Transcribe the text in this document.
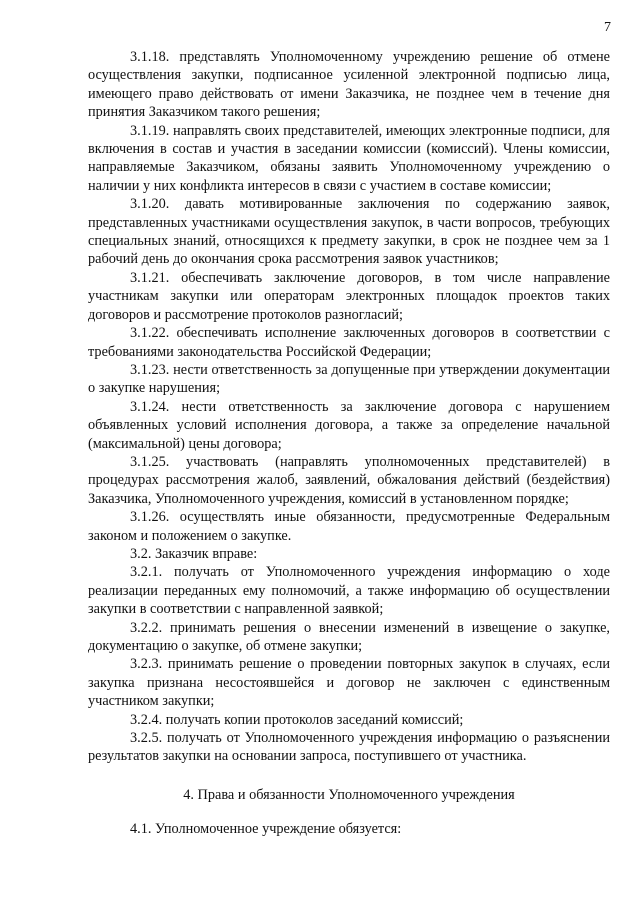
7

3.1.18. представлять Уполномоченному учреждению решение об отмене осуществления закупки, подписанное усиленной электронной подписью лица, имеющего право действовать от имени Заказчика, не позднее чем в течение дня принятия Заказчиком такого решения;

3.1.19. направлять своих представителей, имеющих электронные подписи, для включения в состав и участия в заседании комиссии (комиссий). Члены комиссии, направляемые Заказчиком, обязаны заявить Уполномоченному учреждению о наличии у них конфликта интересов в связи с участием в составе комиссии;

3.1.20. давать мотивированные заключения по содержанию заявок, представленных участниками осуществления закупок, в части вопросов, требующих специальных знаний, относящихся к предмету закупки, в срок не позднее чем за 1 рабочий день до окончания срока рассмотрения заявок участников;

3.1.21. обеспечивать заключение договоров, в том числе направление участникам закупки или операторам электронных площадок проектов таких договоров и рассмотрение протоколов разногласий;

3.1.22. обеспечивать исполнение заключенных договоров в соответствии с требованиями законодательства Российской Федерации;

3.1.23. нести ответственность за допущенные при утверждении документации о закупке нарушения;

3.1.24. нести ответственность за заключение договора с нарушением объявленных условий исполнения договора, а также за определение начальной (максимальной) цены договора;

3.1.25. участвовать (направлять уполномоченных представителей) в процедурах рассмотрения жалоб, заявлений, обжалования действий (бездействия) Заказчика, Уполномоченного учреждения, комиссий в установленном порядке;

3.1.26. осуществлять иные обязанности, предусмотренные Федеральным законом и положением о закупке.

3.2. Заказчик вправе:

3.2.1. получать от Уполномоченного учреждения информацию о ходе реализации переданных ему полномочий, а также информацию об осуществлении закупки в соответствии с направленной заявкой;

3.2.2. принимать решения о внесении изменений в извещение о закупке, документацию о закупке, об отмене закупки;

3.2.3. принимать решение о проведении повторных закупок в случаях, если закупка признана несостоявшейся и договор не заключен с единственным участником закупки;

3.2.4. получать копии протоколов заседаний комиссий;

3.2.5. получать от Уполномоченного учреждения информацию о разъяснении результатов закупки на основании запроса, поступившего от участника.

4. Права и обязанности Уполномоченного учреждения

4.1. Уполномоченное учреждение обязуется:
